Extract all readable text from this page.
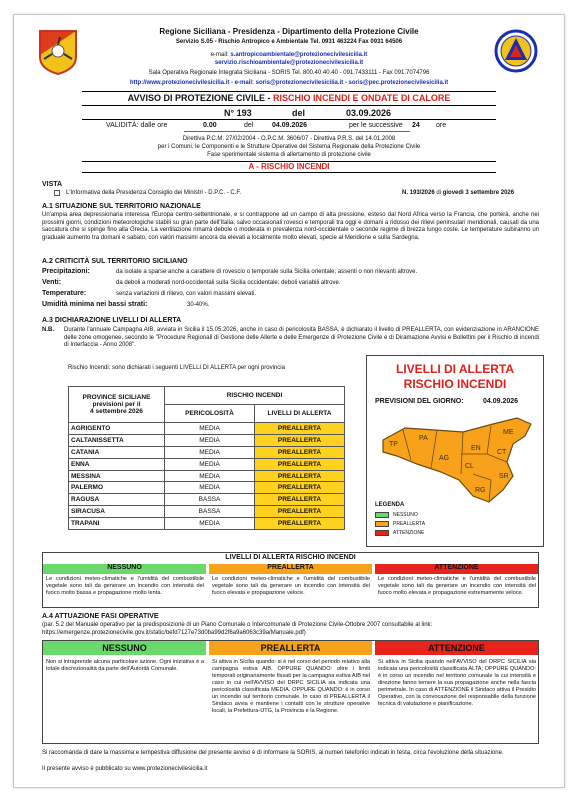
Regione Siciliana - Presidenza - Dipartimento della Protezione Civile
Servizio S.05 - Rischio Antropico e Ambientale Tel. 0931 463224 Fax 0931 64506
e-mail: s.antropicoambientale@protezionecivilesicilia.it
servizio.rischioambientale@protezionecivilesicilia.it
Sala Operativa Regionale Integrata Siciliana - SORIS Tel. 800.40.40.40 - 091.7433111 - Fax 091.7074796
http://www.protezionecivilesicilia.it - e-mail: soris@protezionecivilesicilia.it - soris@pec.protezionecivilesicilia.it
AVVISO DI PROTEZIONE CIVILE - RISCHIO INCENDI E ONDATE DI CALORE
N° 193	del	03.09.2026
VALIDITÀ: dalle ore	0.00	del	04.09.2026	per le successive 24 ore
Direttiva P.C.M. 27/02/2004 - O.P.C.M. 3606/07 - Direttiva P.R.S. del 14.01.2008
per i Comuni, le Componenti e le Strutture Operative del Sistema Regionale della Protezione Civile
Fase sperimentale sistema di allertamento di protezione civile
A - RISCHIO INCENDI
VISTA
L'Informativa della Presidenza Consiglio dei Ministri - D.P.C. - C.F.	N. 193/2026 di giovedì 3 settembre 2026
A.1 SITUAZIONE SUL TERRITORIO NAZIONALE
Un'ampia area depressionaria interessa l'Europa centro-settentrionale, e si contrappone ad un campo di alta pressione, esteso dal Nord Africa verso la Francia, che porterà, anche nei prossimi giorni, condizioni meteorologiche stabili su gran parte dell'Italia, salvo occasionali rovesci e temporali tra oggi e domani a ridosso dei rilievi peninsulari meridionali, causati da una saccatura che si spinge fino alla Grecia. La ventilazione rimarrà debole o moderata in prevalenza nord-occidentale o seconde regime di brezza lungo coste. Le temperature subiranno un graduale aumento tra domani e sabato, con valori massimi ancora da elevati a localmente molto elevati, specie al Meridione e sulla Sardegna.
A.2 CRITICITÀ SUL TERRITORIO SICILIANO
Precipitazioni:	da isolate a sparse anche a carattere di rovescio o temporale sulla Sicilia orientale; assenti o non rilevanti altrove.
Venti:	da deboli a moderati nord-occidentali sulla Sicilia occidentale; deboli variabili altrove.
Temperature:	senza variazioni di rilievo, con valori massimi elevati.
Umidità minima nei bassi strati:	30-40%.
A.3 DICHIARAZIONE LIVELLI DI ALLERTA
N.B. Durante l'annuale Campagna AIB, avviata in Sicilia il 15.05.2026, anche in caso di pericolosità BASSA, è dichiarato il livello di PREALLERTA, con evidenziazione in ARANCIONE delle zone omogenee, secondo le "Procedure Regionali di Gestione delle Allerte e delle Emergenze di Protezione Civile e di Diramazione Avvisi e Bollettini per il Rischio di incendi di Interfaccia - Anno 2008".
Rischio Incendi: sono dichiarati i seguenti LIVELLI DI ALLERTA per ogni provincia
PROVINCE SICILIANE
previsioni per il
4 settembre 2026	RISCHIO INCENDI	
	PERICOLOSITÀ	LIVELLI DI ALLERTA
AGRIGENTO	MEDIA	PREALLERTA
CALTANISSETTA	MEDIA	PREALLERTA
CATANIA	MEDIA	PREALLERTA
ENNA	MEDIA	PREALLERTA
MESSINA	MEDIA	PREALLERTA
PALERMO	MEDIA	PREALLERTA
RAGUSA	BASSA	PREALLERTA
SIRACUSA	BASSA	PREALLERTA
TRAPANI	MEDIA	PREALLERTA
LIVELLI DI ALLERTA
RISCHIO INCENDI
PREVISIONI DEL GIORNO:	04.09.2026
TP
PA
ME
AG
EN
CT
CL
RG
SR
LEGENDA
NESSUNO
PREALLERTA
ATTENZIONE
LIVELLI DI ALLERTA RISCHIO INCENDI
NESSUNO	PREALLERTA	ATTENZIONE
Le condizioni meteo-climatiche e l'umidità del combustibile vegetale sono tali da generare un incendio con intensità del fuoco molto bassa e propagazione molto lenta.
Le condizioni meteo-climatiche e l'umidità del combustibile vegetale sono tali da generare un incendio con intensità del fuoco elevata e propagazione veloce.
Le condizioni meteo-climatiche e l'umidità del combustibile vegetale sono tali da generare un incendio con intensità del fuoco molto elevata e propagazione estremamente veloce.
A.4 ATTUAZIONE FASI OPERATIVE
(par. 5.2 del Manuale operativo per la predisposizione di un Piano Comunale o Intercomunale di Protezione Civile-Ottobre 2007 consultabile al link:
https://emergenze.protezionecivile.gov.it/static/befd7127e73d0ba99d2f6a9a6063c39a/Manuale.pdf)
NESSUNO	PREALLERTA	ATTENZIONE
Non si intraprende alcuna particolare azione. Ogni iniziativa è a totale discrezionalità da parte dell'Autorità Comunale.
Si attiva in Sicilia quando: si è nel corso del periodo relativo alla campagna estiva AIB. OPPURE QUANDO: oltre i limiti temporali originariamente fissati per la campagna estiva AIB nel caso in cui nell'AVVISO del DRPC SICILIA sia indicata una pericolosità classificata MEDIA. OPPURE QUANDO: è in corso un incendio sul territorio comunale. In caso di PREALLERTA il Sindaco avvia e mantiene i contatti con le strutture operative locali, la Prefettura-UTG, la Provincia e la Regione.
Si attiva in Sicilia quando nell'AVVISO del DRPC SICILIA sia indicata una pericolosità classificata ALTA; OPPURE QUANDO: è in corso un incendio nel territorio comunale la cui intensità e direzione fanno temere la sua propagazione anche nella fascia perimetrale. In caso di ATTENZIONE il Sindaco attiva il Presidio Operativo, con la convocazione del responsabile della funzione tecnica di valutazione e pianificazione.
Si raccomanda di dare la massima e tempestiva diffusione del presente avviso e di informare la SORIS, ai numeri telefonici indicati in testa, circa l'evoluzione della situazione.
Il presente avviso è pubblicato su www.protezionecivilesicilia.it
